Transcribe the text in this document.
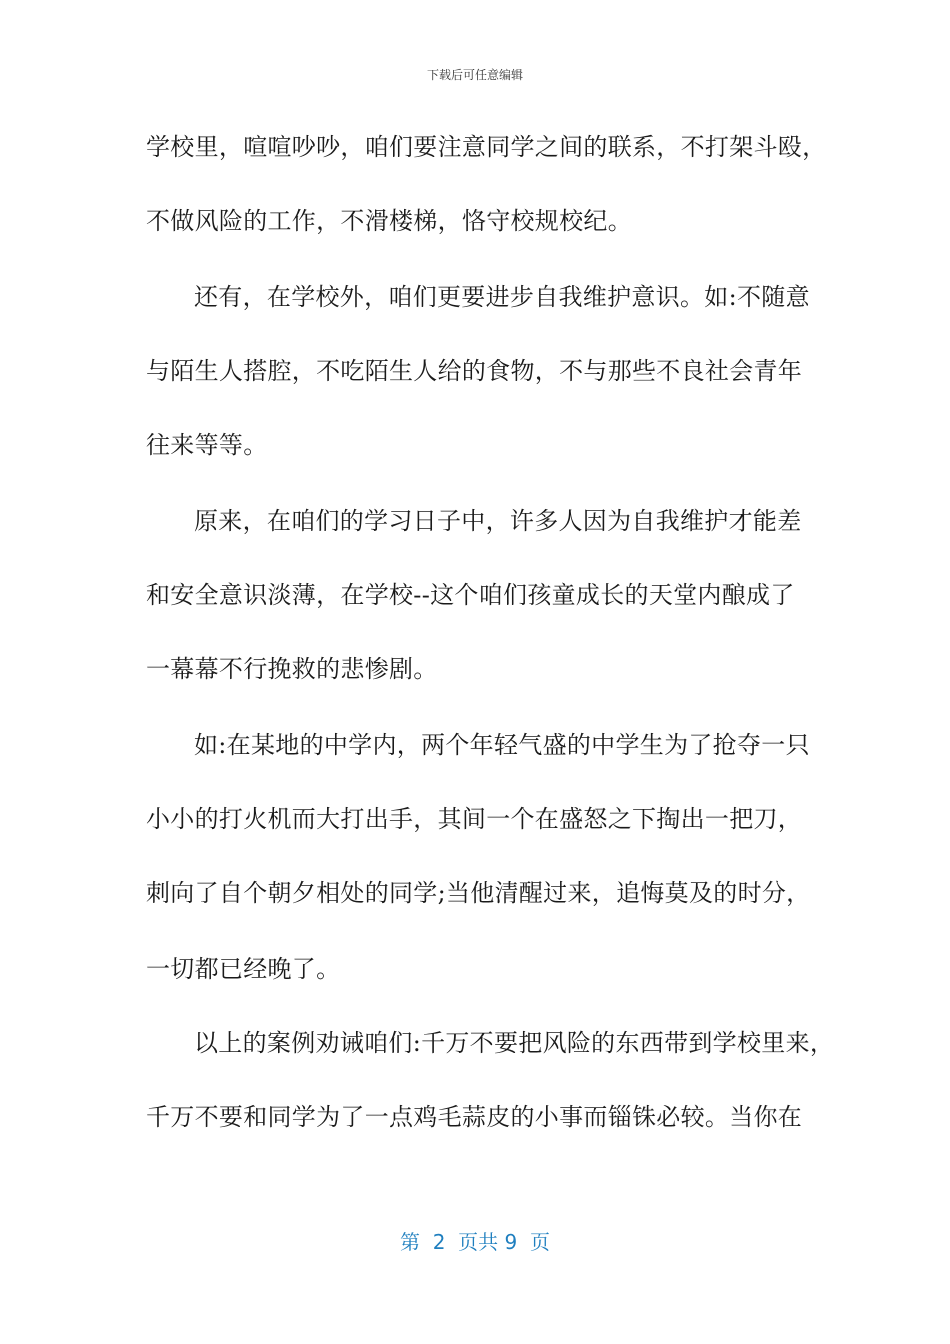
下载后可任意编辑
学校里，喧喧吵吵，咱们要注意同学之间的联系，不打架斗殴，
不做风险的工作，不滑楼梯，恪守校规校纪。
还有，在学校外，咱们更要进步自我维护意识。如:不随意
与陌生人搭腔，不吃陌生人给的食物，不与那些不良社会青年
往来等等。
原来，在咱们的学习日子中，许多人因为自我维护才能差
和安全意识淡薄，在学校--这个咱们孩童成长的天堂内酿成了
一幕幕不行挽救的悲惨剧。
如:在某地的中学内，两个年轻气盛的中学生为了抢夺一只
小小的打火机而大打出手，其间一个在盛怒之下掏出一把刀，
刺向了自个朝夕相处的同学;当他清醒过来，追悔莫及的时分，
一切都已经晚了。
以上的案例劝诫咱们:千万不要把风险的东西带到学校里来，
千万不要和同学为了一点鸡毛蒜皮的小事而锱铢必较。当你在
第  2  页共 9  页
